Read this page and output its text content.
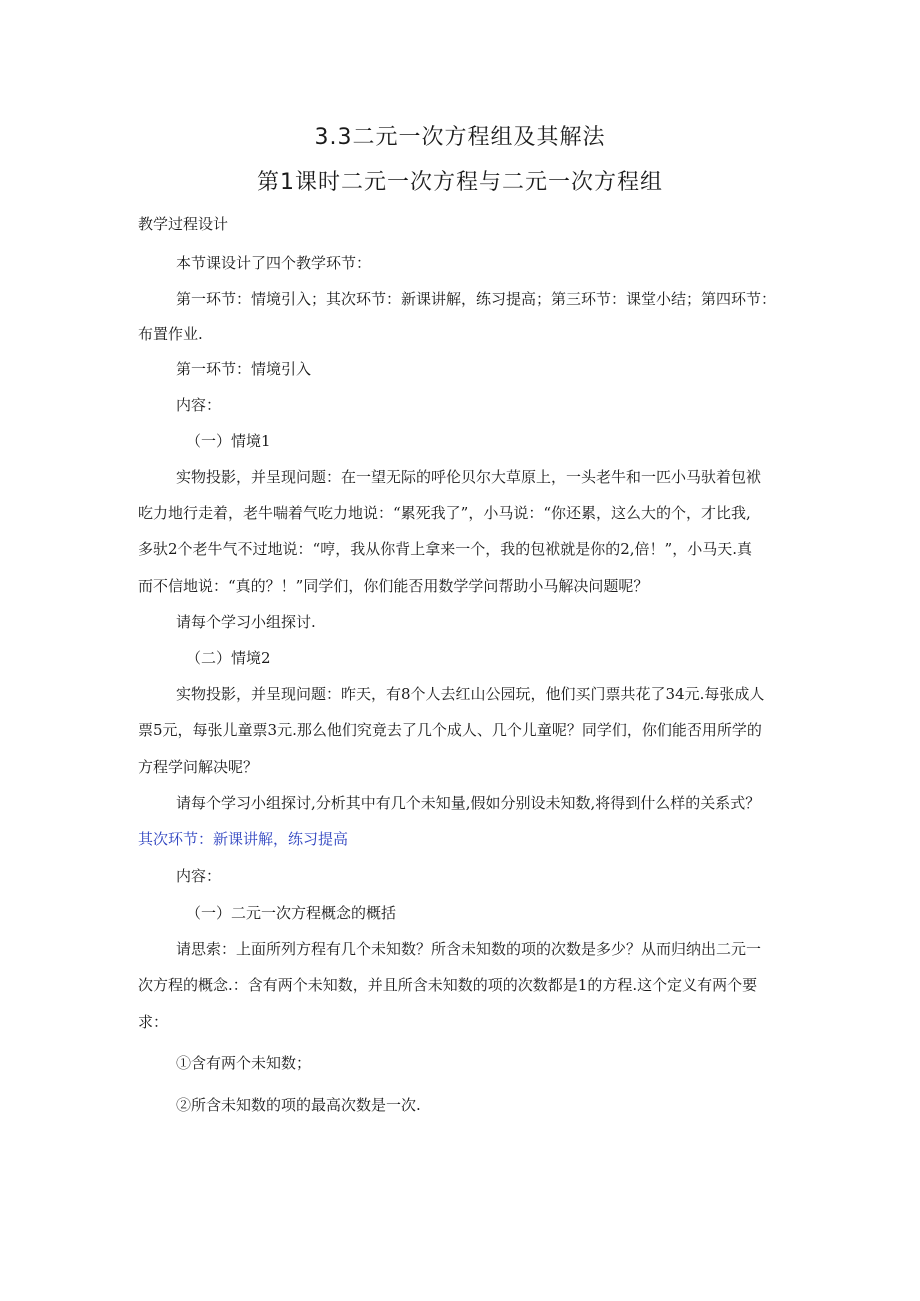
3.3二元一次方程组及其解法
第1课时二元一次方程与二元一次方程组
教学过程设计
本节课设计了四个教学环节：
第一环节：情境引入；其次环节：新课讲解，练习提高；第三环节：课堂小结；第四环节：
布置作业.
第一环节：情境引入
内容：
（一）情境1
实物投影，并呈现问题：在一望无际的呼伦贝尔大草原上，一头老牛和一匹小马驮着包袱
吃力地行走着，老牛喘着气吃力地说：“累死我了”，小马说：“你还累，这么大的个，才比我,
多驮2个老牛气不过地说：“哼，我从你背上拿来一个，我的包袱就是你的2,倍！”，小马天.真
而不信地说：“真的？！”同学们，你们能否用数学学问帮助小马解决问题呢？
请每个学习小组探讨.
（二）情境2
实物投影，并呈现问题：昨天，有8个人去红山公园玩，他们买门票共花了34元.每张成人
票5元，每张儿童票3元.那么他们究竟去了几个成人、几个儿童呢？同学们，你们能否用所学的
方程学问解决呢？
请每个学习小组探讨,分析其中有几个未知量,假如分别设未知数,将得到什么样的关系式？
其次环节：新课讲解，练习提高
内容：
（一）二元一次方程概念的概括
请思索：上面所列方程有几个未知数？所含未知数的项的次数是多少？从而归纳出二元一
次方程的概念.：含有两个未知数，并且所含未知数的项的次数都是1的方程.这个定义有两个要
求：
①含有两个未知数；
②所含未知数的项的最高次数是一次.
